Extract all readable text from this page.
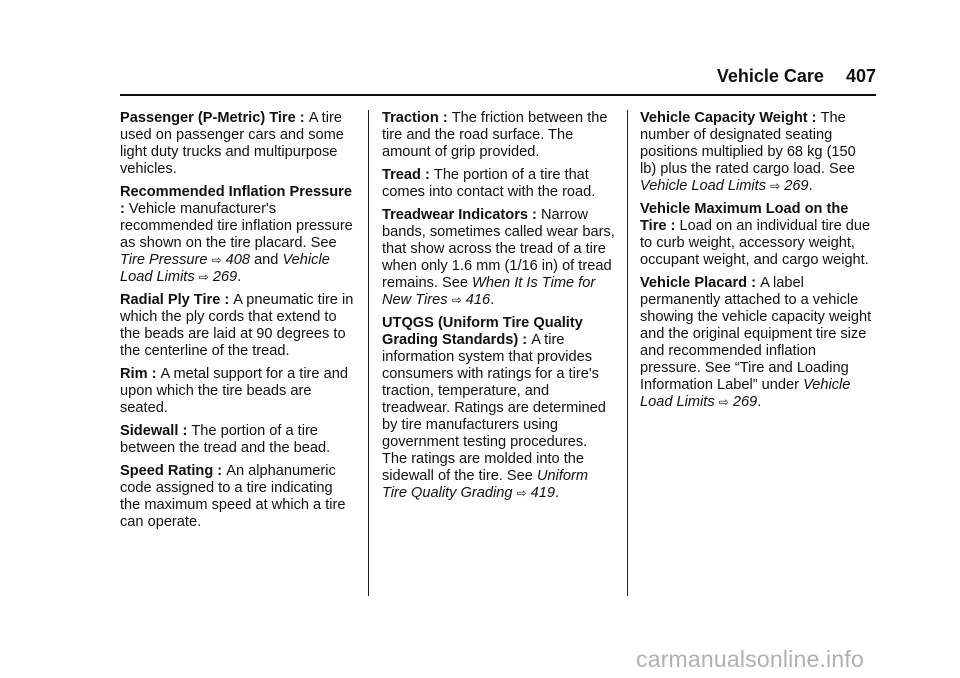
Vehicle Care 407

Passenger (P-Metric) Tire : A tire used on passenger cars and some light duty trucks and multipurpose vehicles.

Recommended Inflation Pressure : Vehicle manufacturer's recommended tire inflation pressure as shown on the tire placard. See Tire Pressure ⇨ 408 and Vehicle Load Limits ⇨ 269.

Radial Ply Tire : A pneumatic tire in which the ply cords that extend to the beads are laid at 90 degrees to the centerline of the tread.

Rim : A metal support for a tire and upon which the tire beads are seated.

Sidewall : The portion of a tire between the tread and the bead.

Speed Rating : An alphanumeric code assigned to a tire indicating the maximum speed at which a tire can operate.

Traction : The friction between the tire and the road surface. The amount of grip provided.

Tread : The portion of a tire that comes into contact with the road.

Treadwear Indicators : Narrow bands, sometimes called wear bars, that show across the tread of a tire when only 1.6 mm (1/16 in) of tread remains. See When It Is Time for New Tires ⇨ 416.

UTQGS (Uniform Tire Quality Grading Standards) : A tire information system that provides consumers with ratings for a tire's traction, temperature, and treadwear. Ratings are determined by tire manufacturers using government testing procedures. The ratings are molded into the sidewall of the tire. See Uniform Tire Quality Grading ⇨ 419.

Vehicle Capacity Weight : The number of designated seating positions multiplied by 68 kg (150 lb) plus the rated cargo load. See Vehicle Load Limits ⇨ 269.

Vehicle Maximum Load on the Tire : Load on an individual tire due to curb weight, accessory weight, occupant weight, and cargo weight.

Vehicle Placard : A label permanently attached to a vehicle showing the vehicle capacity weight and the original equipment tire size and recommended inflation pressure. See “Tire and Loading Information Label” under Vehicle Load Limits ⇨ 269.

carmanualsonline.info
